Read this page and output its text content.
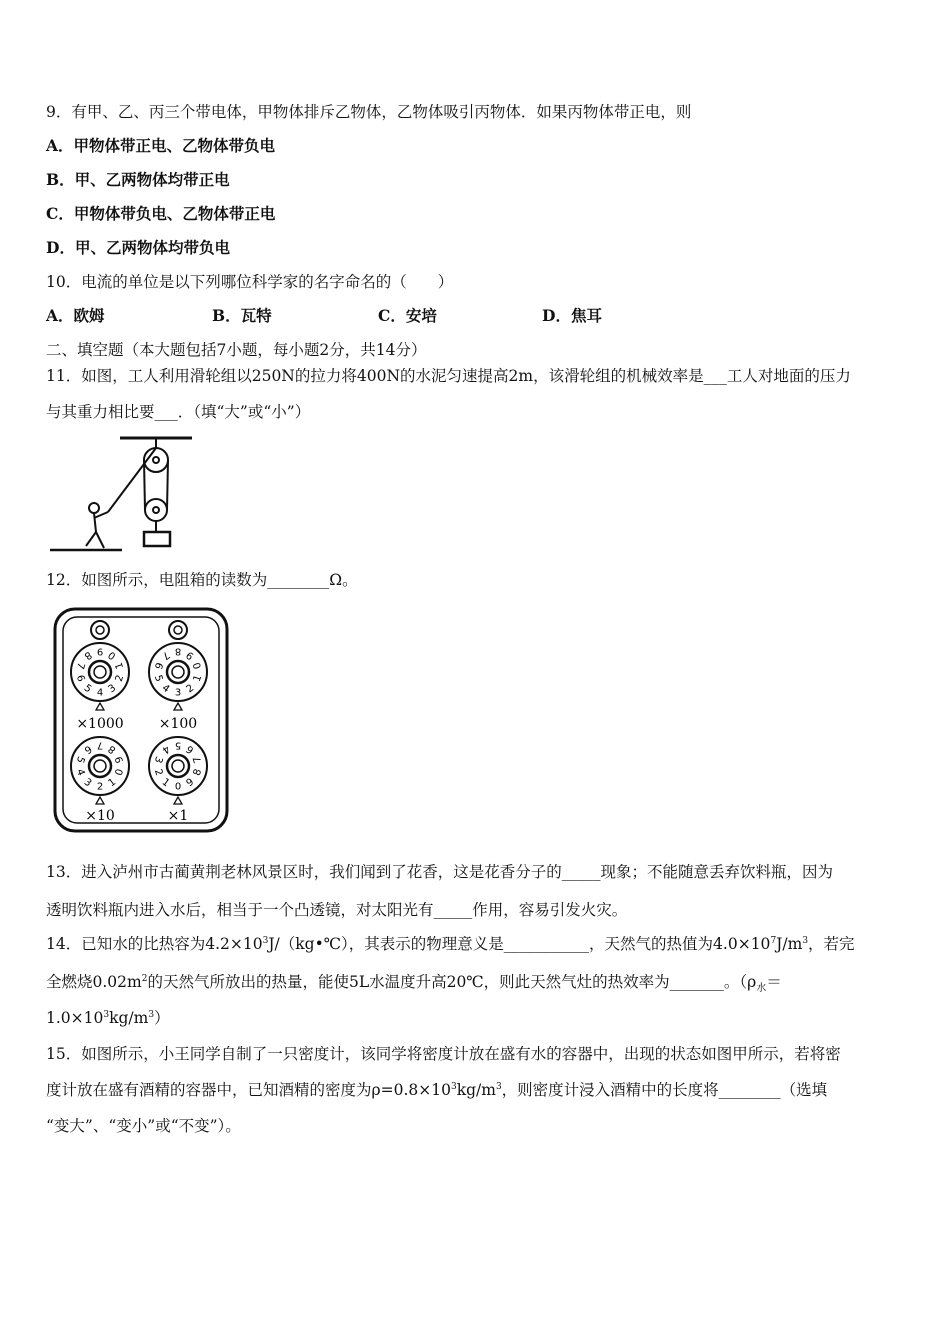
9．有甲、乙、丙三个带电体，甲物体排斥乙物体，乙物体吸引丙物体．如果丙物体带正电，则
A．甲物体带正电、乙物体带负电
B．甲、乙两物体均带正电
C．甲物体带负电、乙物体带正电
D．甲、乙两物体均带负电
10．电流的单位是以下列哪位科学家的名字命名的（　　）
A．欧姆	B．瓦特	C．安培	D．焦耳
二、填空题（本大题包括7小题，每小题2分，共14分）
11．如图，工人利用滑轮组以250N的拉力将400N的水泥匀速提高2m，该滑轮组的机械效率是___工人对地面的压力
与其重力相比要___．（填“大”或“小”）
12．如图所示，电阻箱的读数为________Ω。
0
1
2
3
4
5
6
7
8 9
×1000
0
1
2
3
4
5
6
7 8 9
×100
0
1
2
3
4
5
6 7 8
9
×10
0
1
2
3
4 5 6
7
8
9
×1
13．进入泸州市古蔺黄荆老林风景区时，我们闻到了花香，这是花香分子的_____现象；不能随意丢弃饮料瓶，因为
透明饮料瓶内进入水后，相当于一个凸透镜，对太阳光有_____作用，容易引发火灾。
14．已知水的比热容为$4.2\times 10^3J/(kg•℃)$，其表示的物理意义是___________，天然气的热值为$4.0\times 10^7J/m^3$，若完
全燃烧$0.02m^2$的天然气所放出的热量，能使5L水温度升高20℃，则此天然气灶的热效率为_______。（$\rho_水=$
$1.0\times 10^3kg/m^3$）
15．如图所示，小王同学自制了一只密度计，该同学将密度计放在盛有水的容器中，出现的状态如图甲所示，若将密
度计放在盛有酒精的容器中，已知酒精的密度为$\rho=0.8\times 10^3kg/m^3$，则密度计浸入酒精中的长度将________（选填
“变大”、“变小”或“不变”）。
